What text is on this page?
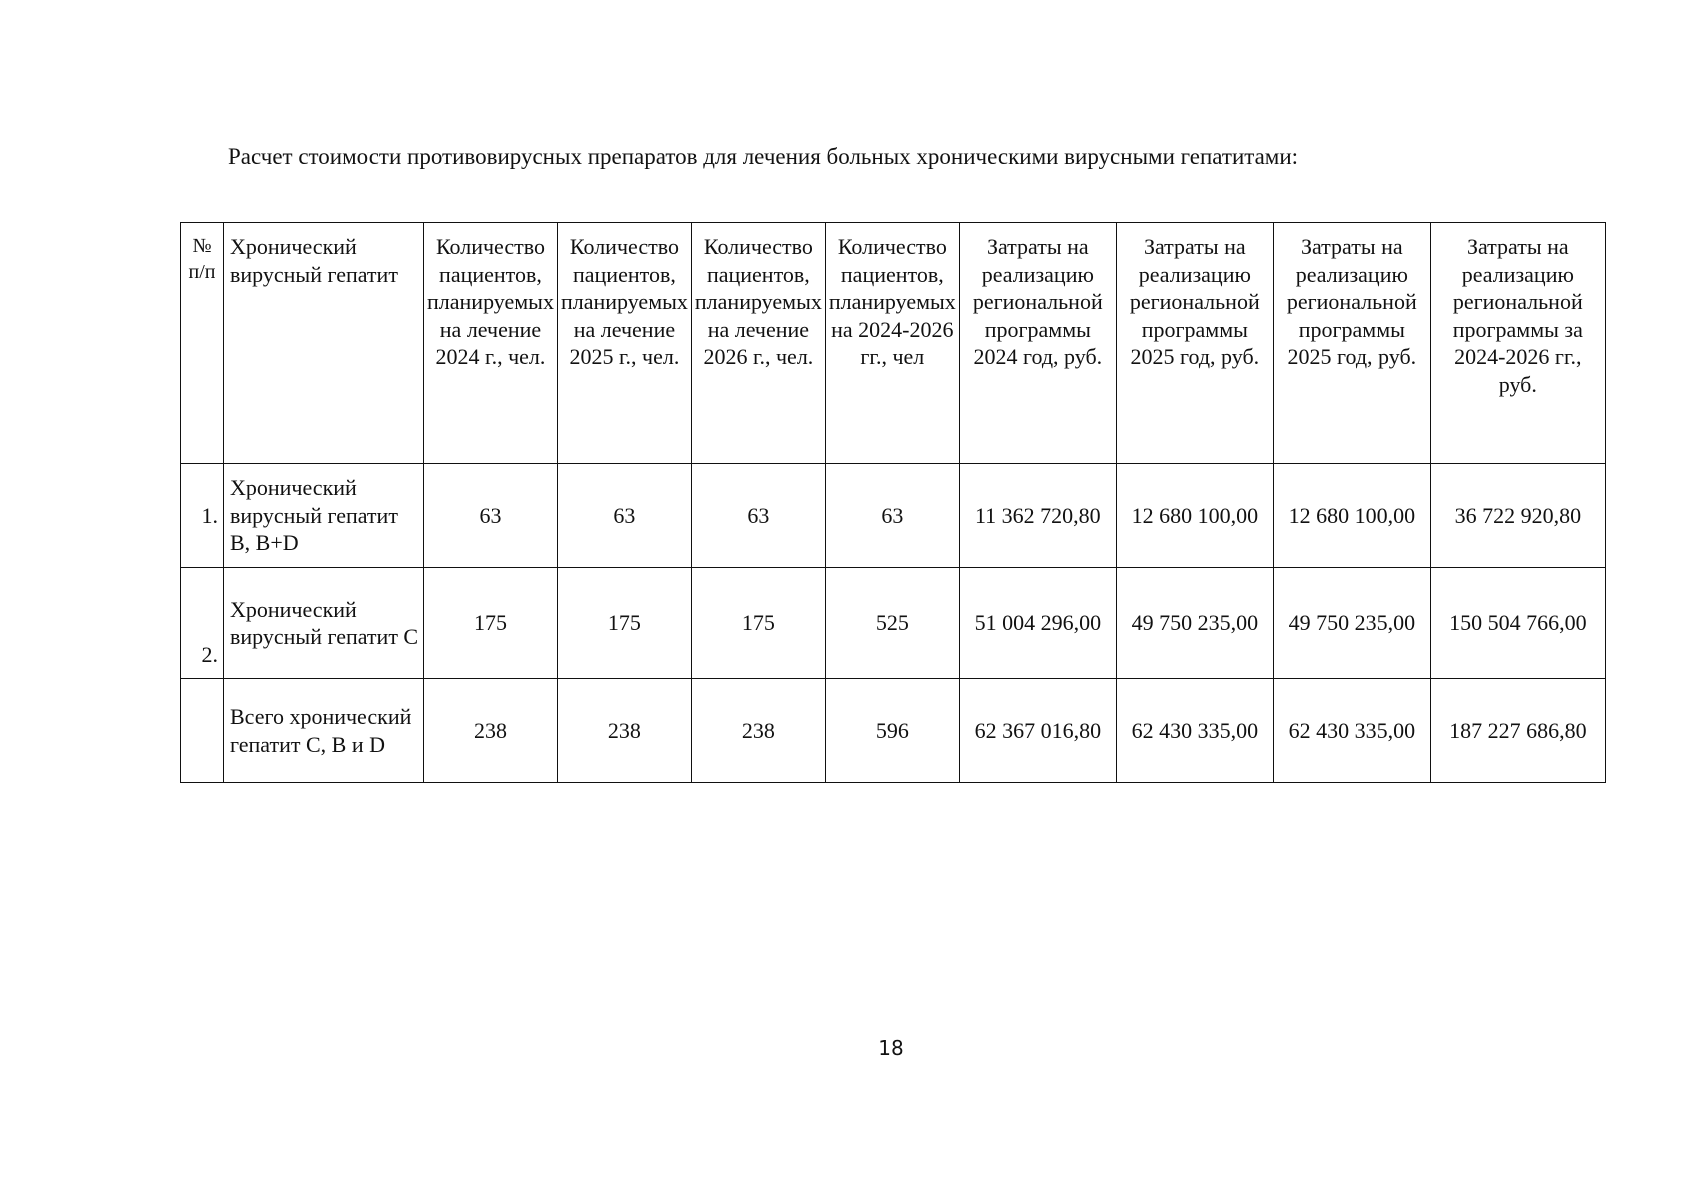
Расчет стоимости противовирусных препаратов для лечения больных хроническими вирусными гепатитами:
№ п/п	Хронический вирусный гепатит	Количество пациентов, планируемых на лечение 2024 г., чел.	Количество пациентов, планируемых на лечение 2025 г., чел.	Количество пациентов, планируемых на лечение 2026 г., чел.	Количество пациентов, планируемых на 2024-2026 гг., чел	Затраты на реализацию региональной программы 2024 год, руб.	Затраты на реализацию региональной программы 2025 год, руб.	Затраты на реализацию региональной программы 2025 год, руб.	Затраты на реализацию региональной программы за 2024-2026 гг., руб.
1.	Хронический вирусный гепатит В, В+D	63	63	63	63	11 362 720,80	12 680 100,00	12 680 100,00	36 722 920,80
2.	Хронический вирусный гепатит С	175	175	175	525	51 004 296,00	49 750 235,00	49 750 235,00	150 504 766,00
	Всего хронический гепатит С, В и D	238	238	238	596	62 367 016,80	62 430 335,00	62 430 335,00	187 227 686,80
18
